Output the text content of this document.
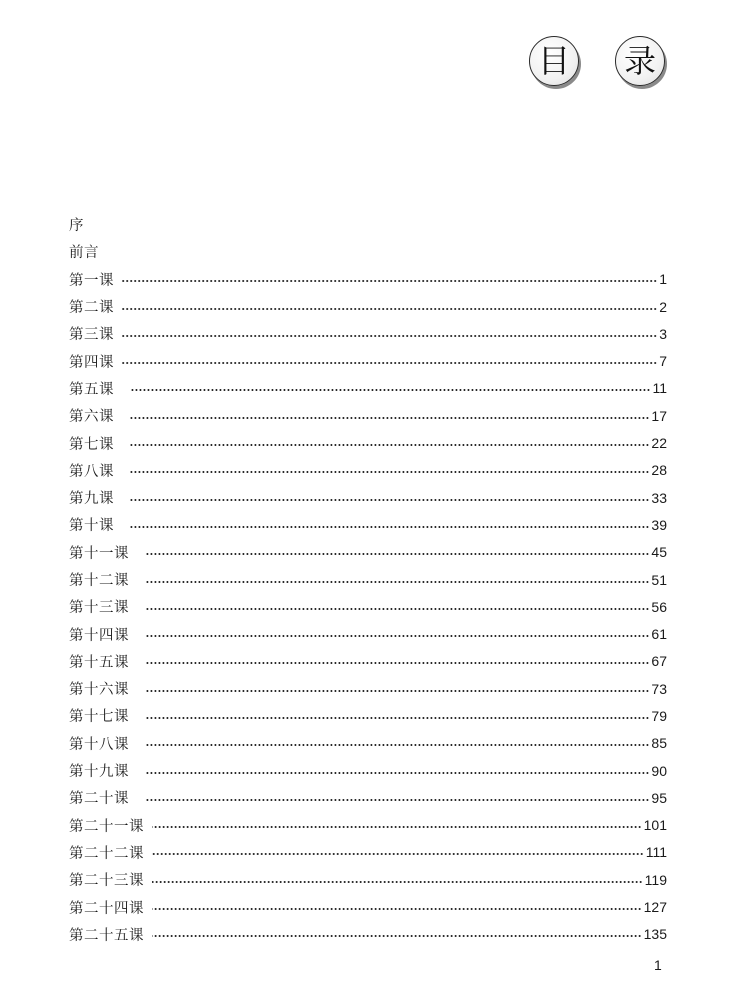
目 录
序
前言
第一课	1
第二课	2
第三课	3
第四课	7
第五课	11
第六课	17
第七课	22
第八课	28
第九课	33
第十课	39
第十一课	45
第十二课	51
第十三课	56
第十四课	61
第十五课	67
第十六课	73
第十七课	79
第十八课	85
第十九课	90
第二十课	95
第二十一课	101
第二十二课	111
第二十三课	119
第二十四课	127
第二十五课	135
1
